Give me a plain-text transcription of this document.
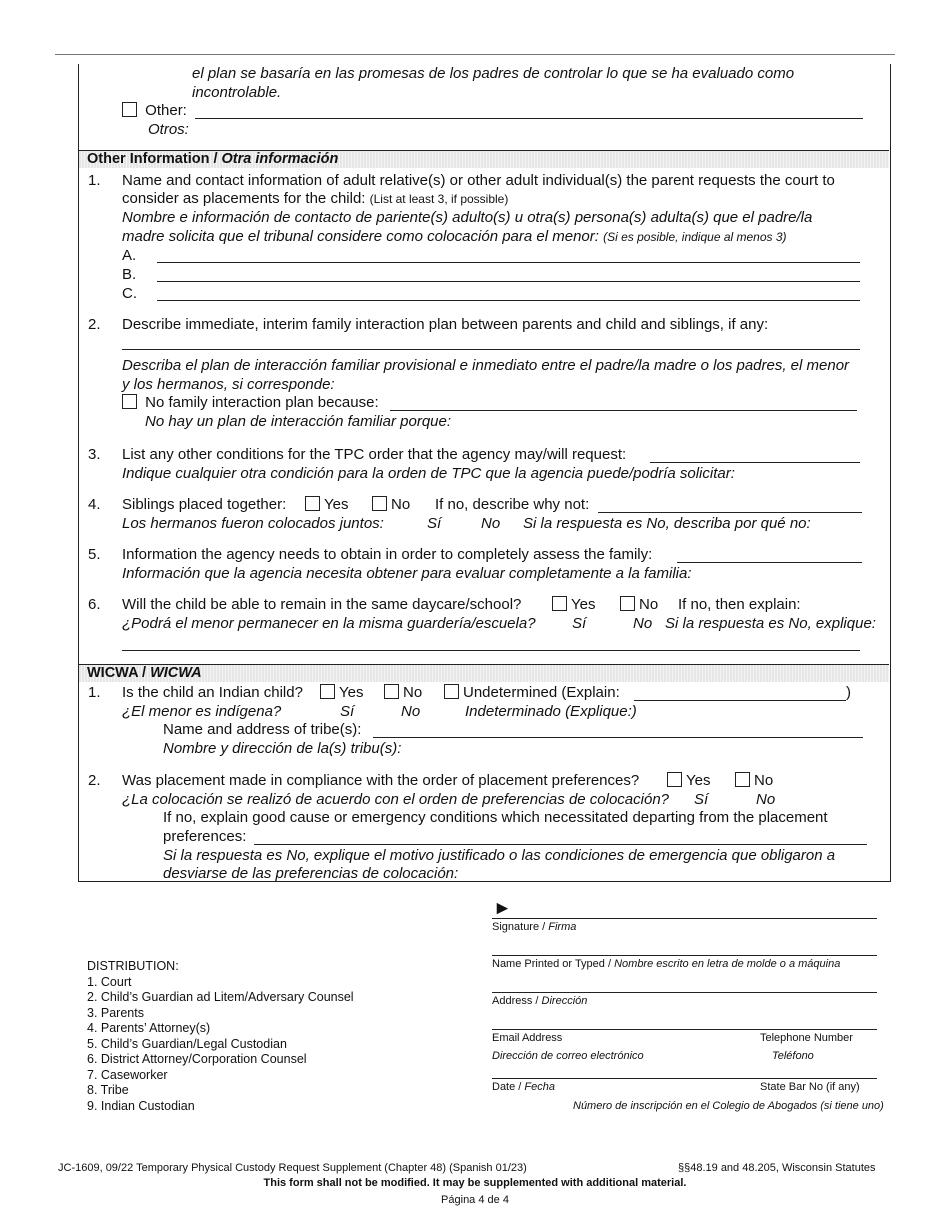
el plan se basaría en las promesas de los padres de controlar lo que se ha evaluado como
incontrolable.
Other:
Otros:
Other Information / Otra información
1. Name and contact information of adult relative(s) or other adult individual(s) the parent requests the court to
consider as placements for the child: (List at least 3, if possible)
Nombre e información de contacto de pariente(s) adulto(s) u otra(s) persona(s) adulta(s) que el padre/la
madre solicita que el tribunal considere como colocación para el menor: (Si es posible, indique al menos 3)
A.
B.
C.
2. Describe immediate, interim family interaction plan between parents and child and siblings, if any:
Describa el plan de interacción familiar provisional e inmediato entre el padre/la madre o los padres, el menor
y los hermanos, si corresponde:
No family interaction plan because:
No hay un plan de interacción familiar porque:
3. List any other conditions for the TPC order that the agency may/will request:
Indique cualquier otra condición para la orden de TPC que la agencia puede/podría solicitar:
4. Siblings placed together:	Yes	No If no, describe why not:
Los hermanos fueron colocados juntos:	Sí	No Si la respuesta es No, describa por qué no:
5. Information the agency needs to obtain in order to completely assess the family:
Información que la agencia necesita obtener para evaluar completamente a la familia:
6. Will the child be able to remain in the same daycare/school?	Yes	No If no, then explain:
¿Podrá el menor permanecer en la misma guardería/escuela? Sí	No Si la respuesta es No, explique:
WICWA / WICWA
1. Is the child an Indian child?	Yes	No	Undetermined (Explain:	)
¿El menor es indígena?	Sí	No	Indeterminado (Explique:)
Name and address of tribe(s):
Nombre y dirección de la(s) tribu(s):
2. Was placement made in compliance with the order of placement preferences?	Yes	No
¿La colocación se realizó de acuerdo con el orden de preferencias de colocación? Sí	No
If no, explain good cause or emergency conditions which necessitated departing from the placement
preferences:
Si la respuesta es No, explique el motivo justificado o las condiciones de emergencia que obligaron a
desviarse de las preferencias de colocación:
►
Signature / Firma
Name Printed or Typed / Nombre escrito en letra de molde o a máquina
Address / Dirección
Email Address
Dirección de correo electrónico
Telephone Number
Teléfono
Date / Fecha	State Bar No (if any)
Número de inscripción en el Colegio de Abogados (si tiene uno)
DISTRIBUTION:
1. Court
2. Child’s Guardian ad Litem/Adversary Counsel
3. Parents
4. Parents’ Attorney(s)
5. Child’s Guardian/Legal Custodian
6. District Attorney/Corporation Counsel
7. Caseworker
8. Tribe
9. Indian Custodian
JC-1609, 09/22 Temporary Physical Custody Request Supplement (Chapter 48) (Spanish 01/23)	§§48.19 and 48.205, Wisconsin Statutes
This form shall not be modified. It may be supplemented with additional material.
Página 4 de 4
